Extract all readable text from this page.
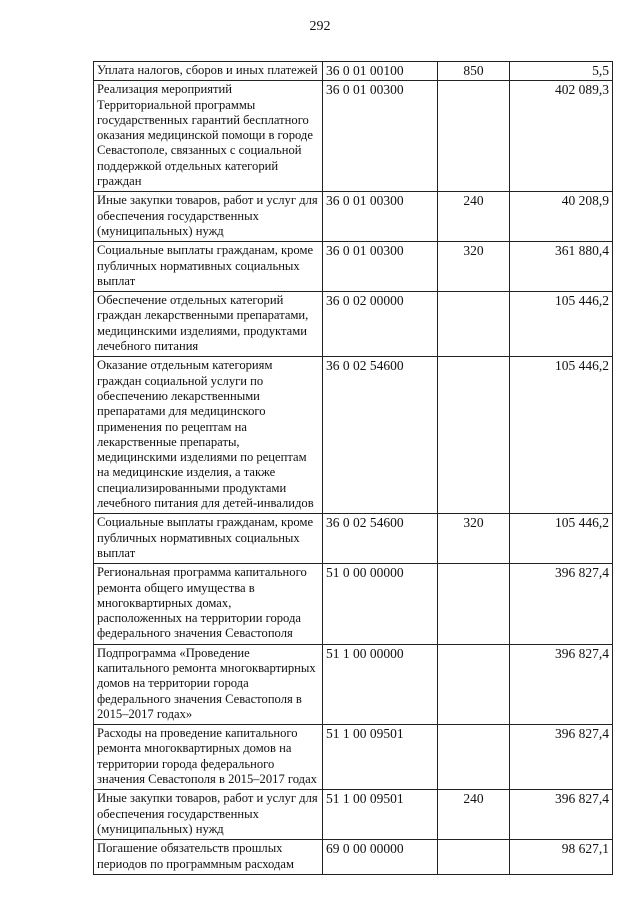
292
Уплата налогов, сборов и иных платежей	36 0 01 00100	850	5,5
Реализация мероприятий Территориальной программы государственных гарантий бесплатного оказания медицинской помощи в городе Севастополе, связанных с социальной поддержкой отдельных категорий граждан	36 0 01 00300		402 089,3
Иные закупки товаров, работ и услуг для обеспечения государственных (муниципальных) нужд	36 0 01 00300	240	40 208,9
Социальные выплаты гражданам, кроме публичных нормативных социальных выплат	36 0 01 00300	320	361 880,4
Обеспечение отдельных категорий граждан лекарственными препаратами, медицинскими изделиями, продуктами лечебного питания	36 0 02 00000		105 446,2
Оказание отдельным категориям граждан социальной услуги по обеспечению лекарственными препаратами для медицинского применения по рецептам на лекарственные препараты, медицинскими изделиями по рецептам на медицинские изделия, а также специализированными продуктами лечебного питания для детей-инвалидов	36 0 02 54600		105 446,2
Социальные выплаты гражданам, кроме публичных нормативных социальных выплат	36 0 02 54600	320	105 446,2
Региональная программа капитального ремонта общего имущества в многоквартирных домах, расположенных на территории города федерального значения Севастополя	51 0 00 00000		396 827,4
Подпрограмма «Проведение капитального ремонта многоквартирных домов на территории города федерального значения Севастополя в 2015–2017 годах»	51 1 00 00000		396 827,4
Расходы на проведение капитального ремонта многоквартирных домов на территории города федерального значения Севастополя в 2015–2017 годах	51 1 00 09501		396 827,4
Иные закупки товаров, работ и услуг для обеспечения государственных (муниципальных) нужд	51 1 00 09501	240	396 827,4
Погашение обязательств прошлых периодов по программным расходам	69 0 00 00000		98 627,1
